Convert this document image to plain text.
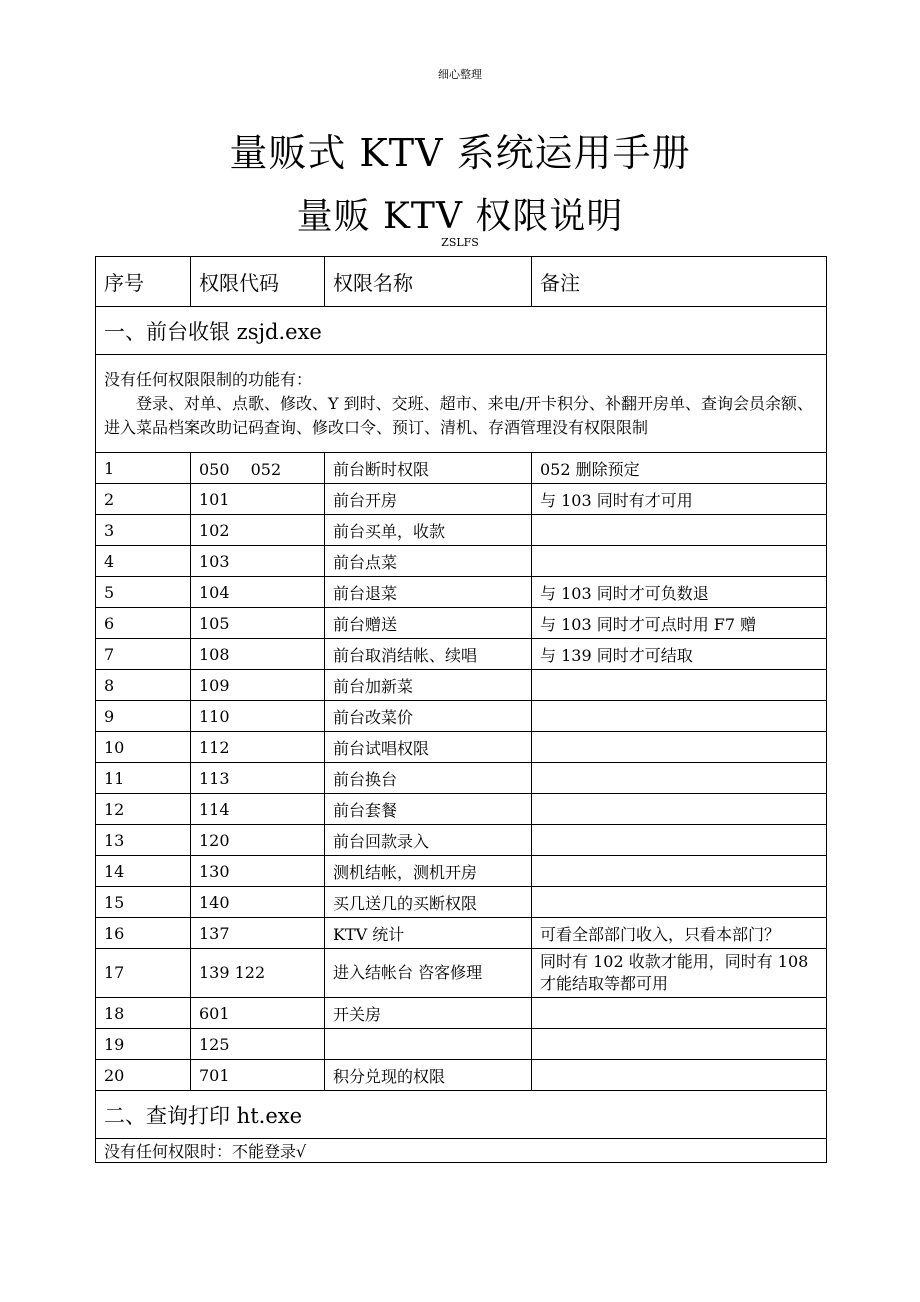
细心整理
量贩式 KTV 系统运用手册
量贩 KTV 权限说明
ZSLFS
序号	权限代码	权限名称	备注
一、前台收银 zsjd.exe			
没有任何权限限制的功能有：
登录、对单、点歌、修改、Y 到时、交班、超市、来电/开卡积分、补翻开房单、查询会员余额、进入菜品档案改助记码查询、修改口令、预订、清机、存酒管理没有权限限制			

1	050　 052	前台断时权限	052 删除预定
2	101	前台开房	与 103 同时有才可用
3	102	前台买单，收款	
4	103	前台点菜	
5	104	前台退菜	与 103 同时才可负数退
6	105	前台赠送	与 103 同时才可点时用 F7 赠
7	108	前台取消结帐、续唱	与 139 同时才可结取
8	109	前台加新菜	
9	110	前台改菜价	
10	112	前台试唱权限	
11	113	前台换台	
12	114	前台套餐	
13	120	前台回款录入	
14	130	测机结帐，测机开房	
15	140	买几送几的买断权限	
16	137	KTV 统计	可看全部部门收入，只看本部门？
17	139 122	进入结帐台 咨客修理	同时有 102 收款才能用，同时有 108 才能结取等都可用
18	601	开关房	
19	125		
20	701	积分兑现的权限	
二、查询打印 ht.exe			
没有任何权限时：不能登录√			
